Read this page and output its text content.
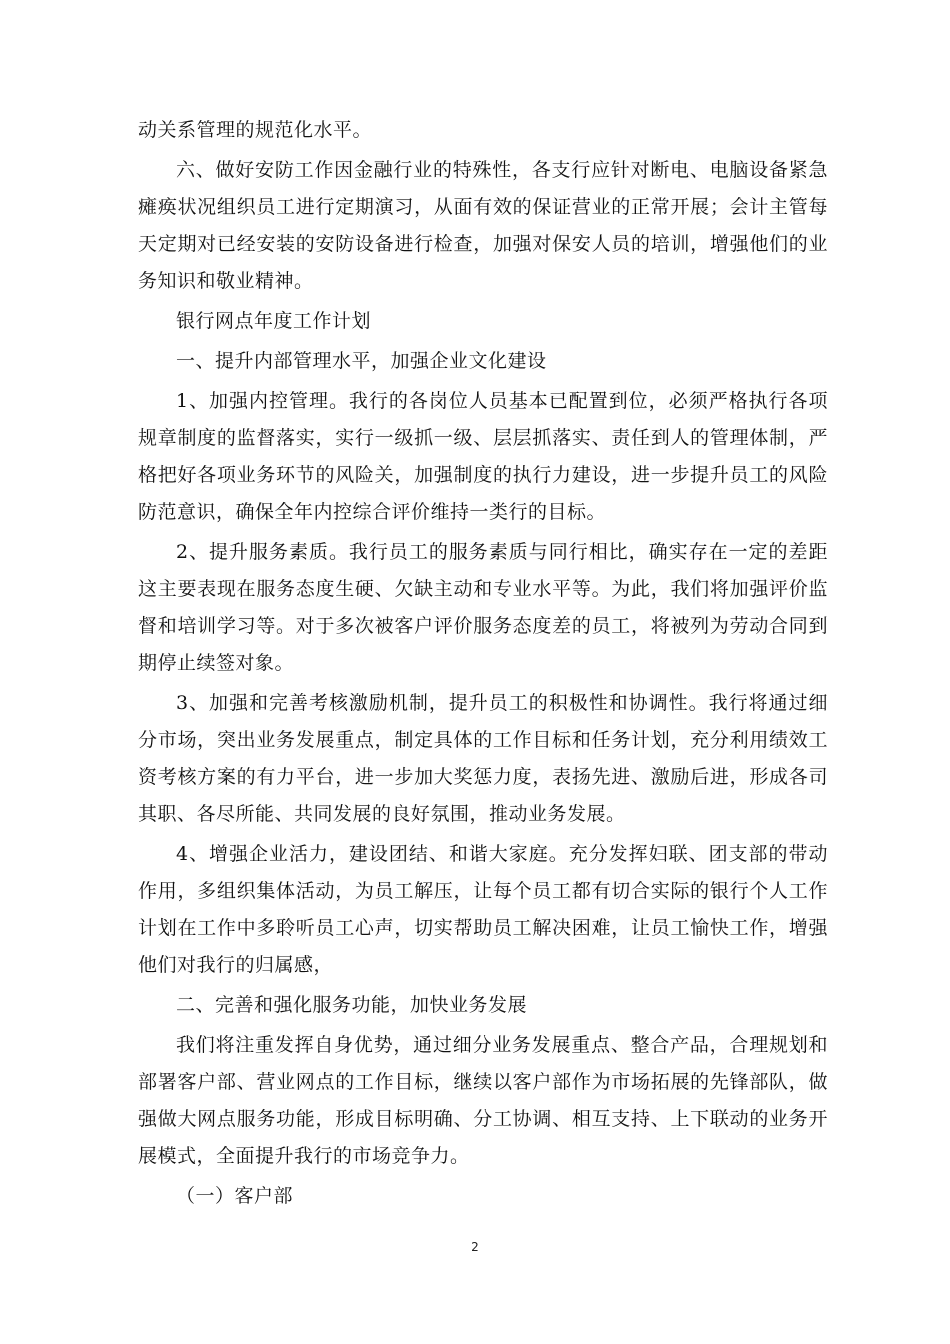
动关系管理的规范化水平。

六、做好安防工作因金融行业的特殊性，各支行应针对断电、电脑设备紧急瘫痪状况组织员工进行定期演习，从面有效的保证营业的正常开展；会计主管每天定期对已经安装的安防设备进行检查，加强对保安人员的培训，增强他们的业务知识和敬业精神。

银行网点年度工作计划

一、提升内部管理水平，加强企业文化建设

1、加强内控管理。我行的各岗位人员基本已配置到位，必须严格执行各项规章制度的监督落实，实行一级抓一级、层层抓落实、责任到人的管理体制，严格把好各项业务环节的风险关，加强制度的执行力建设，进一步提升员工的风险防范意识，确保全年内控综合评价维持一类行的目标。

2、提升服务素质。我行员工的服务素质与同行相比，确实存在一定的差距这主要表现在服务态度生硬、欠缺主动和专业水平等。为此，我们将加强评价监督和培训学习等。对于多次被客户评价服务态度差的员工，将被列为劳动合同到期停止续签对象。

3、加强和完善考核激励机制，提升员工的积极性和协调性。我行将通过细分市场，突出业务发展重点，制定具体的工作目标和任务计划，充分利用绩效工资考核方案的有力平台，进一步加大奖惩力度，表扬先进、激励后进，形成各司其职、各尽所能、共同发展的良好氛围，推动业务发展。

4、增强企业活力，建设团结、和谐大家庭。充分发挥妇联、团支部的带动作用，多组织集体活动，为员工解压，让每个员工都有切合实际的银行个人工作计划在工作中多聆听员工心声，切实帮助员工解决困难，让员工愉快工作，增强他们对我行的归属感，

二、完善和强化服务功能，加快业务发展

我们将注重发挥自身优势，通过细分业务发展重点、整合产品，合理规划和部署客户部、营业网点的工作目标，继续以客户部作为市场拓展的先锋部队，做强做大网点服务功能，形成目标明确、分工协调、相互支持、上下联动的业务开展模式，全面提升我行的市场竞争力。

（一）客户部

2
